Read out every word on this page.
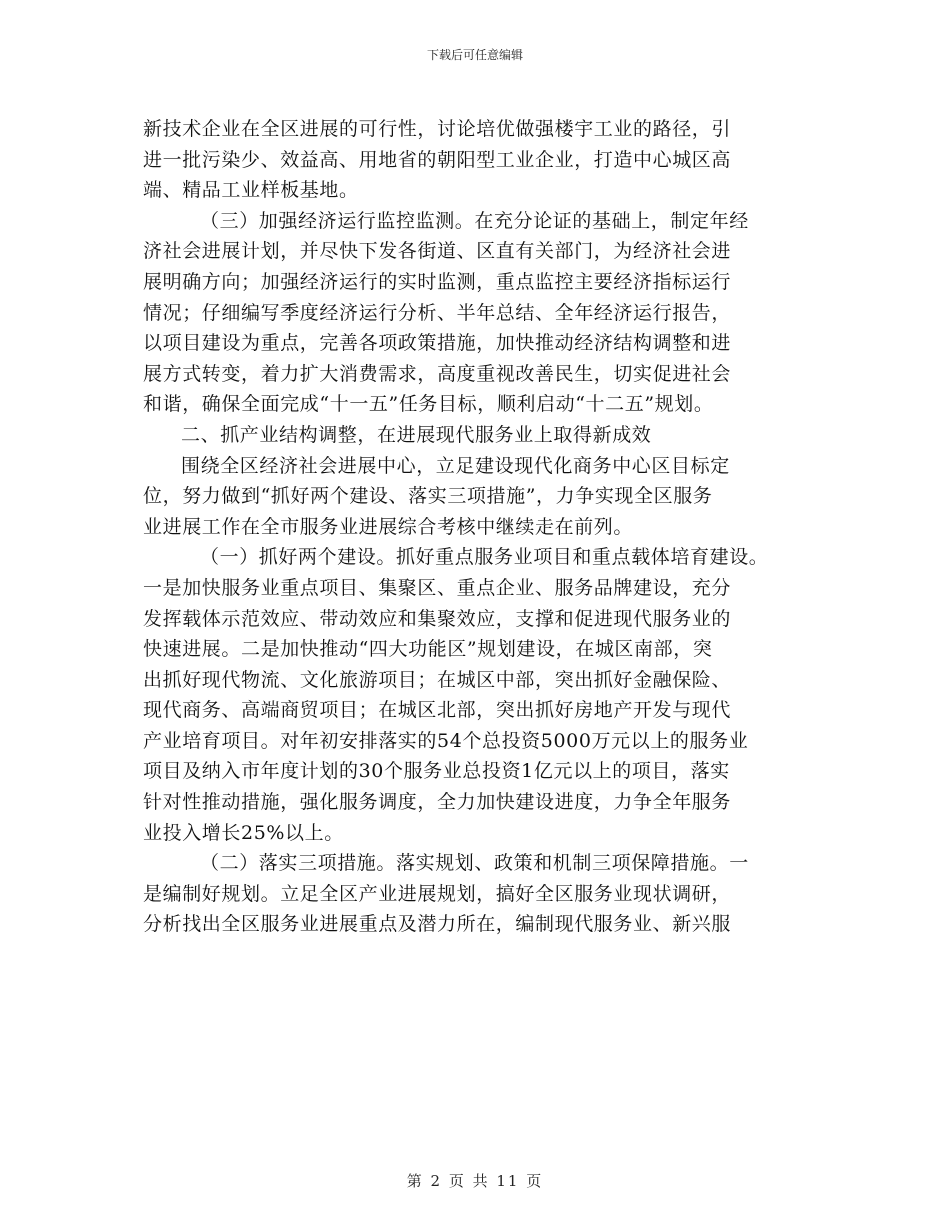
下载后可任意编辑
新技术企业在全区进展的可行性，讨论培优做强楼宇工业的路径，引
进一批污染少、效益高、用地省的朝阳型工业企业，打造中心城区高
端、精品工业样板基地。
（三）加强经济运行监控监测。在充分论证的基础上，制定年经
济社会进展计划，并尽快下发各街道、区直有关部门，为经济社会进
展明确方向；加强经济运行的实时监测，重点监控主要经济指标运行
情况；仔细编写季度经济运行分析、半年总结、全年经济运行报告，
以项目建设为重点，完善各项政策措施，加快推动经济结构调整和进
展方式转变，着力扩大消费需求，高度重视改善民生，切实促进社会
和谐，确保全面完成“十一五”任务目标，顺利启动“十二五”规划。
二、抓产业结构调整，在进展现代服务业上取得新成效
围绕全区经济社会进展中心，立足建设现代化商务中心区目标定
位，努力做到“抓好两个建设、落实三项措施”，力争实现全区服务
业进展工作在全市服务业进展综合考核中继续走在前列。
（一）抓好两个建设。抓好重点服务业项目和重点载体培育建设。
一是加快服务业重点项目、集聚区、重点企业、服务品牌建设，充分
发挥载体示范效应、带动效应和集聚效应，支撑和促进现代服务业的
快速进展。二是加快推动“四大功能区”规划建设，在城区南部，突
出抓好现代物流、文化旅游项目；在城区中部，突出抓好金融保险、
现代商务、高端商贸项目；在城区北部，突出抓好房地产开发与现代
产业培育项目。对年初安排落实的54个总投资5000万元以上的服务业
项目及纳入市年度计划的30个服务业总投资1亿元以上的项目，落实
针对性推动措施，强化服务调度，全力加快建设进度，力争全年服务
业投入增长25%以上。
（二）落实三项措施。落实规划、政策和机制三项保障措施。一
是编制好规划。立足全区产业进展规划，搞好全区服务业现状调研，
分析找出全区服务业进展重点及潜力所在，编制现代服务业、新兴服
第 2 页 共 11 页
